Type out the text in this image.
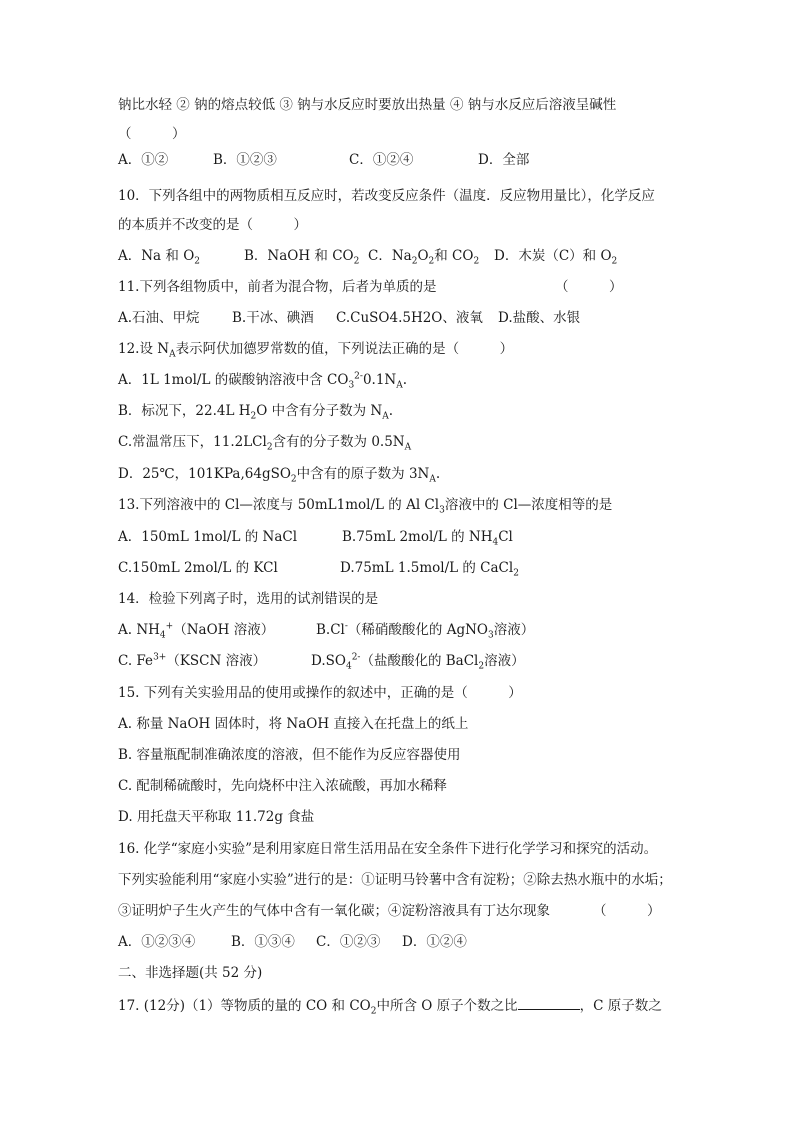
钠比水轻 ② 钠的熔点较低 ③ 钠与水反应时要放出热量 ④ 钠与水反应后溶液呈碱性
（　　　）
A．①②	B．①②③	C．①②④	D．全部
10．下列各组中的两物质相互反应时，若改变反应条件（温度．反应物用量比），化学反应
的本质并不改变的是（　　　）
A．Na 和 $O_2$	B．NaOH 和 $CO_2$ C．$Na_2O_2$和 $CO_2$ D．木炭（C）和 $O_2$
11.下列各组物质中，前者为混合物，后者为单质的是	（　　　）
A.石油、甲烷 B.干冰、碘酒 C.CuSO4.5H2O、液氧 D.盐酸、水银
12.设 $N_A$表示阿伏加德罗常数的值，下列说法正确的是（　　　）
A．1L 1mol/L 的碳酸钠溶液中含 $CO_3^{2-}0.1N_A$.
B．标况下，22.4L $H_2O$ 中含有分子数为 $N_A$.
C.常温常压下，11.2LCl$_2$含有的分子数为 $0.5N_A$
D．25℃，101KPa,64gSO$_2$中含有的原子数为 $3N_A$.
13.下列溶液中的 Cl—浓度与 50mL1mol/L 的 Al $Cl_3$溶液中的 Cl—浓度相等的是
A．150mL 1mol/L 的 NaCl	B.75mL 2mol/L 的 $NH_4Cl$
C.150mL 2mol/L 的 KCl	D.75mL 1.5mol/L 的 CaCl$_2$
14．检验下列离子时，选用的试剂错误的是
A. $NH_4^+(NaOH$ 溶液）	B.Cl-（稀硝酸酸化的 AgNO$_3$溶液）
C. $Fe^{3+}(KSCN$ 溶液）	$D.SO_4^{2-}$（盐酸酸化的 BaCl$_2$溶液）
15. 下列有关实验用品的使用或操作的叙述中，正确的是（　　　）
A. 称量 NaOH 固体时，将 NaOH 直接入在托盘上的纸上
B. 容量瓶配制准确浓度的溶液，但不能作为反应容器使用
C. 配制稀硫酸时，先向烧杯中注入浓硫酸，再加水稀释
D. 用托盘天平称取 11.72g 食盐
16. 化学“家庭小实验”是利用家庭日常生活用品在安全条件下进行化学学习和探究的活动。
下列实验能利用“家庭小实验”进行的是：①证明马铃薯中含有淀粉；②除去热水瓶中的水垢；
③证明炉子生火产生的气体中含有一氧化碳；④淀粉溶液具有丁达尔现象	（　　　）
A．①②③④	B．①③④ C．①②③ D．①②④
二、非选择题(共 52 分)
17. (12分)（1）等物质的量的 CO 和 $CO_2$中所含 O 原子个数之比	，C 原子数之
